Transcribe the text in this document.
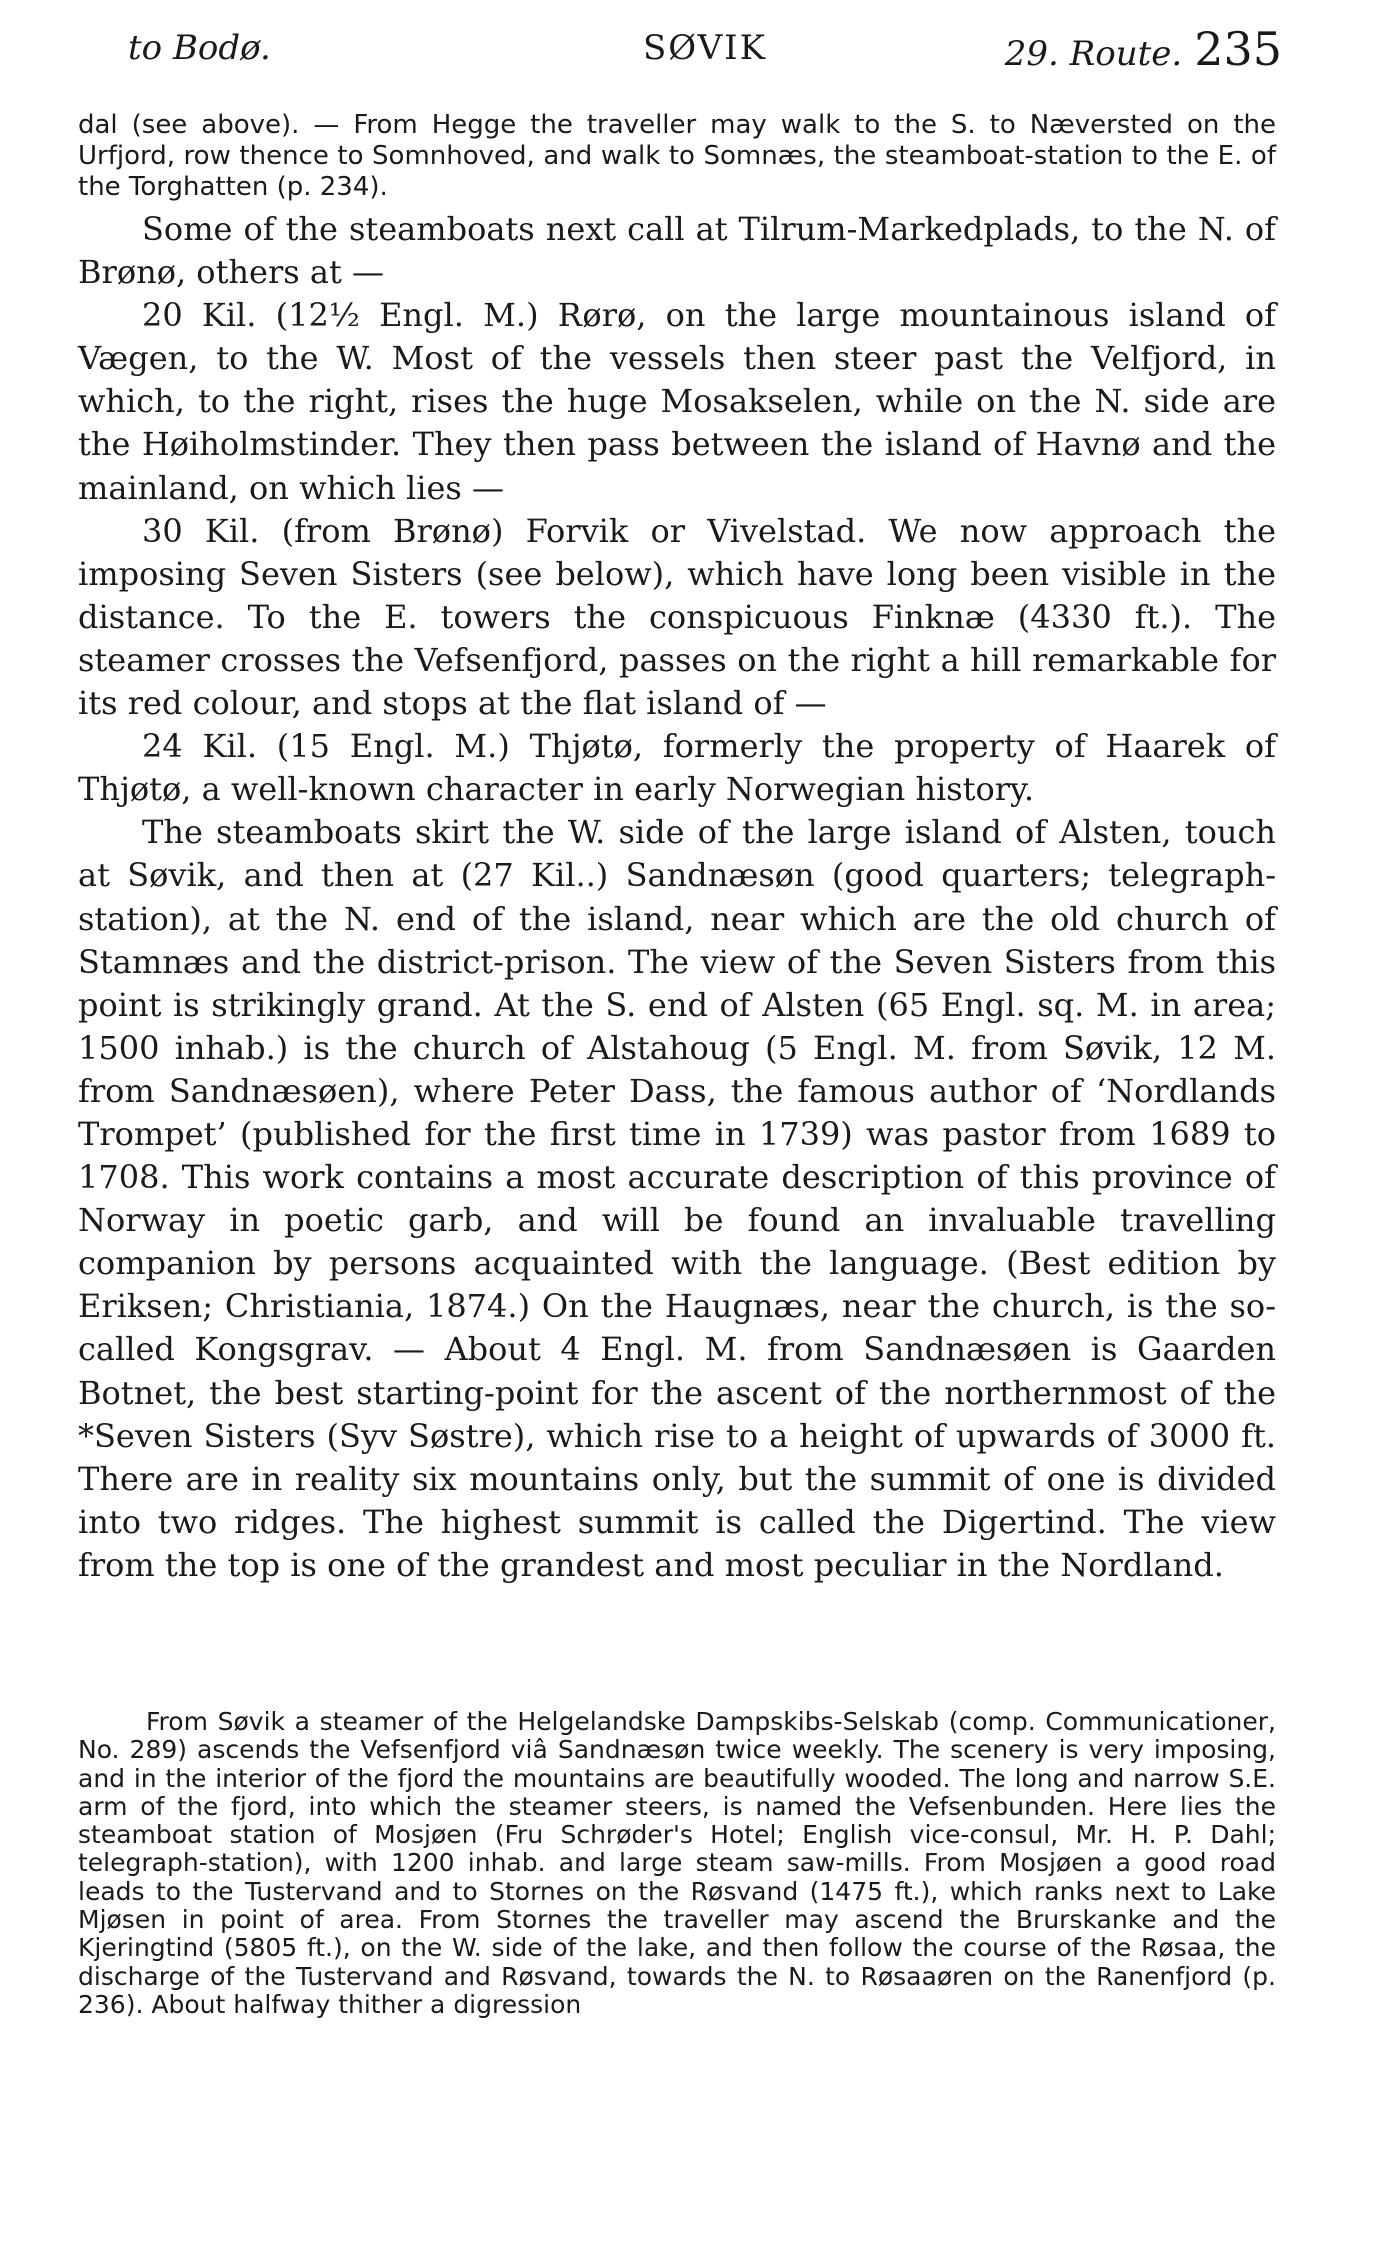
to Bodø.	SØVIK	29. Route. 235
dal (see above). — From Hegge the traveller may walk to the S. to Næversted on the Urfjord, row thence to Somnhoved, and walk to Somnæs, the steamboat-station to the E. of the Torghatten (p. 234).

Some of the steamboats next call at Tilrum-Markedplads, to the N. of Brønø, others at —

20 Kil. (12½ Engl. M.) Rørø, on the large mountainous island of Vægen, to the W. Most of the vessels then steer past the Velfjord, in which, to the right, rises the huge Mosakselen, while on the N. side are the Høiholmstinder. They then pass between the island of Havnø and the mainland, on which lies —

30 Kil. (from Brønø) Forvik or Vivelstad. We now approach the imposing Seven Sisters (see below), which have long been visible in the distance. To the E. towers the conspicuous Finknæ (4330 ft.). The steamer crosses the Vefsenfjord, passes on the right a hill remarkable for its red colour, and stops at the flat island of —

24 Kil. (15 Engl. M.) Thjøtø, formerly the property of Haarek of Thjøtø, a well-known character in early Norwegian history.

The steamboats skirt the W. side of the large island of Alsten, touch at Søvik, and then at (27 Kil..) Sandnæsøn (good quarters; telegraph-station), at the N. end of the island, near which are the old church of Stamnæs and the district-prison. The view of the Seven Sisters from this point is strikingly grand. At the S. end of Alsten (65 Engl. sq. M. in area; 1500 inhab.) is the church of Alstahoug (5 Engl. M. from Søvik, 12 M. from Sandnæsøen), where Peter Dass, the famous author of ‘Nordlands Trompet’ (published for the first time in 1739) was pastor from 1689 to 1708. This work contains a most accurate description of this province of Norway in poetic garb, and will be found an invaluable travelling companion by persons acquainted with the language. (Best edition by Eriksen; Christiania, 1874.) On the Haugnæs, near the church, is the so-called Kongsgrav. — About 4 Engl. M. from Sandnæsøen is Gaarden Botnet, the best starting-point for the ascent of the northernmost of the *Seven Sisters (Syv Søstre), which rise to a height of upwards of 3000 ft. There are in reality six mountains only, but the summit of one is divided into two ridges. The highest summit is called the Digertind. The view from the top is one of the grandest and most peculiar in the Nordland.

From Søvik a steamer of the Helgelandske Dampskibs-Selskab (comp. Communicationer, No. 289) ascends the Vefsenfjord viâ Sandnæsøn twice weekly. The scenery is very imposing, and in the interior of the fjord the mountains are beautifully wooded. The long and narrow S.E. arm of the fjord, into which the steamer steers, is named the Vefsenbunden. Here lies the steamboat station of Mosjøen (Fru Schrøder's Hotel; English vice-consul, Mr. H. P. Dahl; telegraph-station), with 1200 inhab. and large steam saw-mills. From Mosjøen a good road leads to the Tustervand and to Stornes on the Røsvand (1475 ft.), which ranks next to Lake Mjøsen in point of area. From Stornes the traveller may ascend the Brurskanke and the Kjeringtind (5805 ft.), on the W. side of the lake, and then follow the course of the Røsaa, the discharge of the Tustervand and Røsvand, towards the N. to Røsaaøren on the Ranenfjord (p. 236). About halfway thither a digression
